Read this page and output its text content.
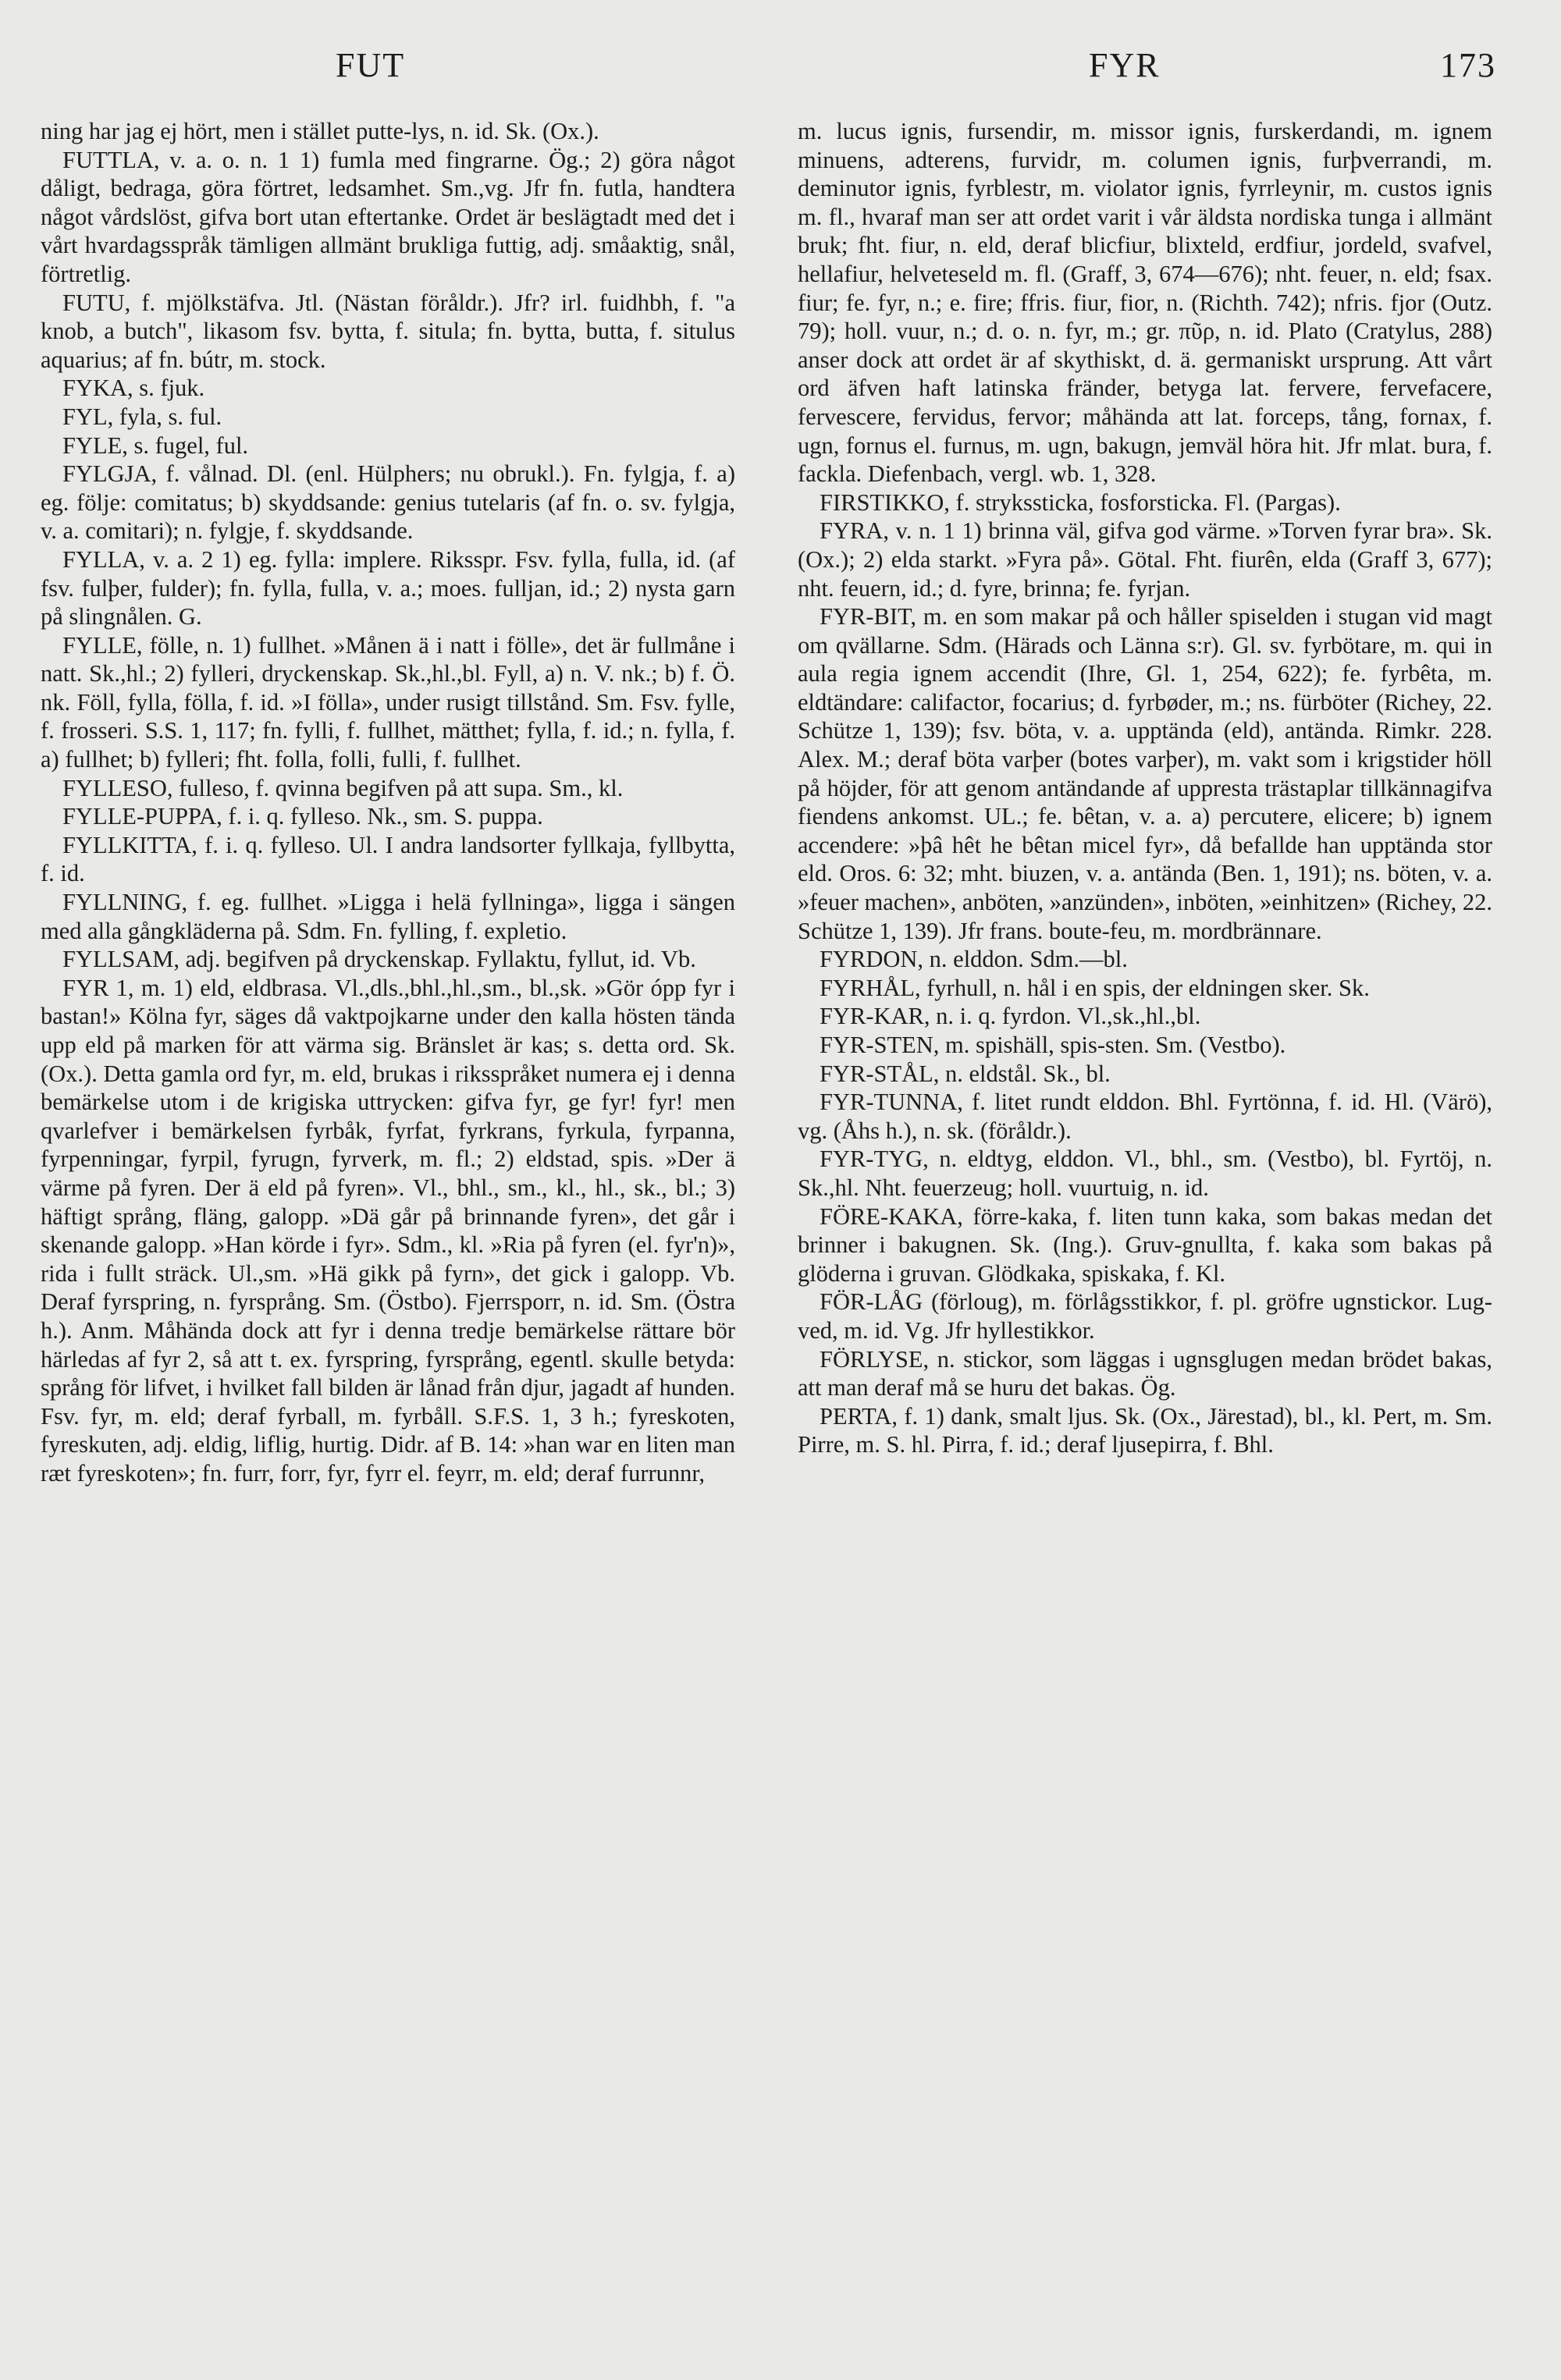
FUT	FYR	173

ning har jag ej hört, men i stället putte-lys, n. id. Sk. (Ox.).

FUTTLA, v. a. o. n. 1 1) fumla med fingrarne. Ög.; 2) göra något dåligt, bedraga, göra förtret, ledsamhet. Sm.,vg. Jfr fn. futla, handtera något vårdslöst, gifva bort utan eftertanke. Ordet är beslägtadt med det i vårt hvardagsspråk tämligen allmänt brukliga futtig, adj. småaktig, snål, förtretlig.

FUTU, f. mjölkstäfva. Jtl. (Nästan föråldr.). Jfr? irl. fuidhbh, f. "a knob, a butch", likasom fsv. bytta, f. situla; fn. bytta, butta, f. situlus aquarius; af fn. bútr, m. stock.

FYKA, s. fjuk.

FYL, fyla, s. ful.

FYLE, s. fugel, ful.

FYLGJA, f. vålnad. Dl. (enl. Hülphers; nu obrukl.). Fn. fylgja, f. a) eg. följe: comitatus; b) skyddsande: genius tutelaris (af fn. o. sv. fylgja, v. a. comitari); n. fylgje, f. skyddsande.

FYLLA, v. a. 2 1) eg. fylla: implere. Riksspr. Fsv. fylla, fulla, id. (af fsv. fulþer, fulder); fn. fylla, fulla, v. a.; moes. fulljan, id.; 2) nysta garn på slingnålen. G.

FYLLE, fölle, n. 1) fullhet. »Månen ä i natt i fölle», det är fullmåne i natt. Sk.,hl.; 2) fylleri, dryckenskap. Sk.,hl.,bl. Fyll, a) n. V. nk.; b) f. Ö. nk. Föll, fylla, fölla, f. id. »I fölla», under rusigt tillstånd. Sm. Fsv. fylle, f. frosseri. S.S. 1, 117; fn. fylli, f. fullhet, mätthet; fylla, f. id.; n. fylla, f. a) fullhet; b) fylleri; fht. folla, folli, fulli, f. fullhet.

FYLLESO, fulleso, f. qvinna begifven på att supa. Sm., kl.

FYLLE-PUPPA, f. i. q. fylleso. Nk., sm. S. puppa.

FYLLKITTA, f. i. q. fylleso. Ul. I andra landsorter fyllkaja, fyllbytta, f. id.

FYLLNING, f. eg. fullhet. »Ligga i helä fyllninga», ligga i sängen med alla gångkläderna på. Sdm. Fn. fylling, f. expletio.

FYLLSAM, adj. begifven på dryckenskap. Fyllaktu, fyllut, id. Vb.

FYR 1, m. 1) eld, eldbrasa. Vl.,dls.,bhl.,hl.,sm., bl.,sk. »Gör ópp fyr i bastan!» Kölna fyr, säges då vaktpojkarne under den kalla hösten tända upp eld på marken för att värma sig. Bränslet är kas; s. detta ord. Sk. (Ox.). Detta gamla ord fyr, m. eld, brukas i riksspråket numera ej i denna bemärkelse utom i de krigiska uttrycken: gifva fyr, ge fyr! fyr! men qvarlefver i bemärkelsen fyrbåk, fyrfat, fyrkrans, fyrkula, fyrpanna, fyrpenningar, fyrpil, fyrugn, fyrverk, m. fl.; 2) eldstad, spis. »Der ä värme på fyren. Der ä eld på fyren». Vl., bhl., sm., kl., hl., sk., bl.; 3) häftigt språng, fläng, galopp. »Dä går på brinnande fyren», det går i skenande galopp. »Han körde i fyr». Sdm., kl. »Ria på fyren (el. fyr'n)», rida i fullt sträck. Ul.,sm. »Hä gikk på fyrn», det gick i galopp. Vb. Deraf fyrspring, n. fyrsprång. Sm. (Östbo). Fjerrsporr, n. id. Sm. (Östra h.). Anm. Måhända dock att fyr i denna tredje bemärkelse rättare bör härledas af fyr 2, så att t. ex. fyrspring, fyrsprång, egentl. skulle betyda: språng för lifvet, i hvilket fall bilden är lånad från djur, jagadt af hunden. Fsv. fyr, m. eld; deraf fyrball, m. fyrbåll. S.F.S. 1, 3 h.; fyreskoten, fyreskuten, adj. eldig, liflig, hurtig. Didr. af B. 14: »han war en liten man ræt fyreskoten»; fn. furr, forr, fyr, fyrr el. feyrr, m. eld; deraf furrunnr,

m. lucus ignis, fursendir, m. missor ignis, furskerdandi, m. ignem minuens, adterens, furvidr, m. columen ignis, furþverrandi, m. deminutor ignis, fyrblestr, m. violator ignis, fyrrleynir, m. custos ignis m. fl., hvaraf man ser att ordet varit i vår äldsta nordiska tunga i allmänt bruk; fht. fiur, n. eld, deraf blicfiur, blixteld, erdfiur, jordeld, svafvel, hellafiur, helveteseld m. fl. (Graff, 3, 674—676); nht. feuer, n. eld; fsax. fiur; fe. fyr, n.; e. fire; ffris. fiur, fior, n. (Richth. 742); nfris. fjor (Outz. 79); holl. vuur, n.; d. o. n. fyr, m.; gr. πῦρ, n. id. Plato (Cratylus, 288) anser dock att ordet är af skythiskt, d. ä. germaniskt ursprung. Att vårt ord äfven haft latinska fränder, betyga lat. fervere, fervefacere, fervescere, fervidus, fervor; måhända att lat. forceps, tång, fornax, f. ugn, fornus el. furnus, m. ugn, bakugn, jemväl höra hit. Jfr mlat. bura, f. fackla. Diefenbach, vergl. wb. 1, 328.

FIRSTIKKO, f. strykssticka, fosforsticka. Fl. (Pargas).

FYRA, v. n. 1 1) brinna väl, gifva god värme. »Torven fyrar bra». Sk. (Ox.); 2) elda starkt. »Fyra på». Götal. Fht. fiurên, elda (Graff 3, 677); nht. feuern, id.; d. fyre, brinna; fe. fyrjan.

FYR-BIT, m. en som makar på och håller spiselden i stugan vid magt om qvällarne. Sdm. (Härads och Länna s:r). Gl. sv. fyrbötare, m. qui in aula regia ignem accendit (Ihre, Gl. 1, 254, 622); fe. fyrbêta, m. eldtändare: califactor, focarius; d. fyrbøder, m.; ns. fürböter (Richey, 22. Schütze 1, 139); fsv. böta, v. a. upptända (eld), antända. Rimkr. 228. Alex. M.; deraf böta varþer (botes varþer), m. vakt som i krigstider höll på höjder, för att genom antändande af uppresta trästaplar tillkännagifva fiendens ankomst. UL.; fe. bêtan, v. a. a) percutere, elicere; b) ignem accendere: »þâ hêt he bêtan micel fyr», då befallde han upptända stor eld. Oros. 6: 32; mht. biuzen, v. a. antända (Ben. 1, 191); ns. böten, v. a. »feuer machen», anböten, »anzünden», inböten, »einhitzen» (Richey, 22. Schütze 1, 139). Jfr frans. boute-feu, m. mordbrännare.

FYRDON, n. elddon. Sdm.—bl.

FYRHÅL, fyrhull, n. hål i en spis, der eldningen sker. Sk.

FYR-KAR, n. i. q. fyrdon. Vl.,sk.,hl.,bl.

FYR-STEN, m. spishäll, spis-sten. Sm. (Vestbo).

FYR-STÅL, n. eldstål. Sk., bl.

FYR-TUNNA, f. litet rundt elddon. Bhl. Fyrtönna, f. id. Hl. (Värö), vg. (Åhs h.), n. sk. (föråldr.).

FYR-TYG, n. eldtyg, elddon. Vl., bhl., sm. (Vestbo), bl. Fyrtöj, n. Sk.,hl. Nht. feuerzeug; holl. vuurtuig, n. id.

FÖRE-KAKA, förre-kaka, f. liten tunn kaka, som bakas medan det brinner i bakugnen. Sk. (Ing.). Gruv-gnullta, f. kaka som bakas på glöderna i gruvan. Glödkaka, spiskaka, f. Kl.

FÖR-LÅG (förloug), m. förlågsstikkor, f. pl. gröfre ugnstickor. Lug-ved, m. id. Vg. Jfr hyllestikkor.

FÖRLYSE, n. stickor, som läggas i ugnsglugen medan brödet bakas, att man deraf må se huru det bakas. Ög.

PERTA, f. 1) dank, smalt ljus. Sk. (Ox., Järestad), bl., kl. Pert, m. Sm. Pirre, m. S. hl. Pirra, f. id.; deraf ljusepirra, f. Bhl.
